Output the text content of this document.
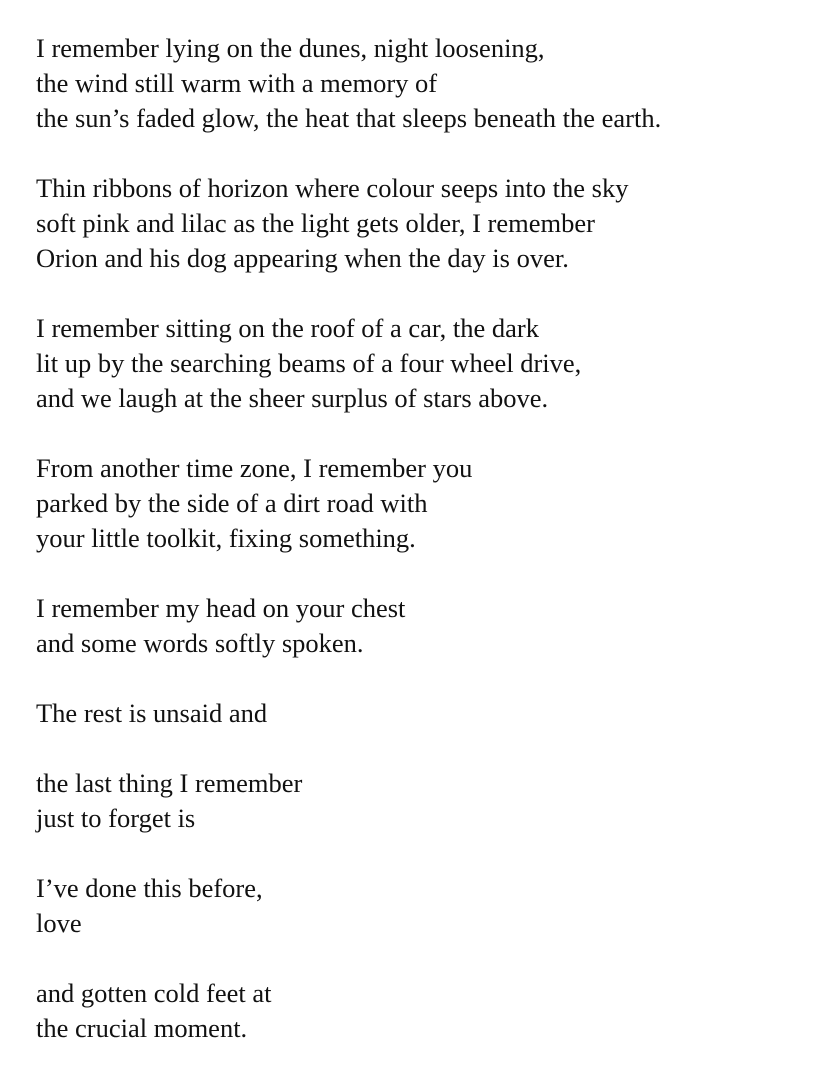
I remember lying on the dunes, night loosening,
the wind still warm with a memory of
the sun’s faded glow, the heat that sleeps beneath the earth.
Thin ribbons of horizon where colour seeps into the sky
soft pink and lilac as the light gets older, I remember
Orion and his dog appearing when the day is over.
I remember sitting on the roof of a car, the dark
lit up by the searching beams of a four wheel drive,
and we laugh at the sheer surplus of stars above.
From another time zone, I remember you
parked by the side of a dirt road with
your little toolkit, fixing something.
I remember my head on your chest
and some words softly spoken.
The rest is unsaid and
the last thing I remember
just to forget is
I’ve done this before,
love
and gotten cold feet at
the crucial moment.
